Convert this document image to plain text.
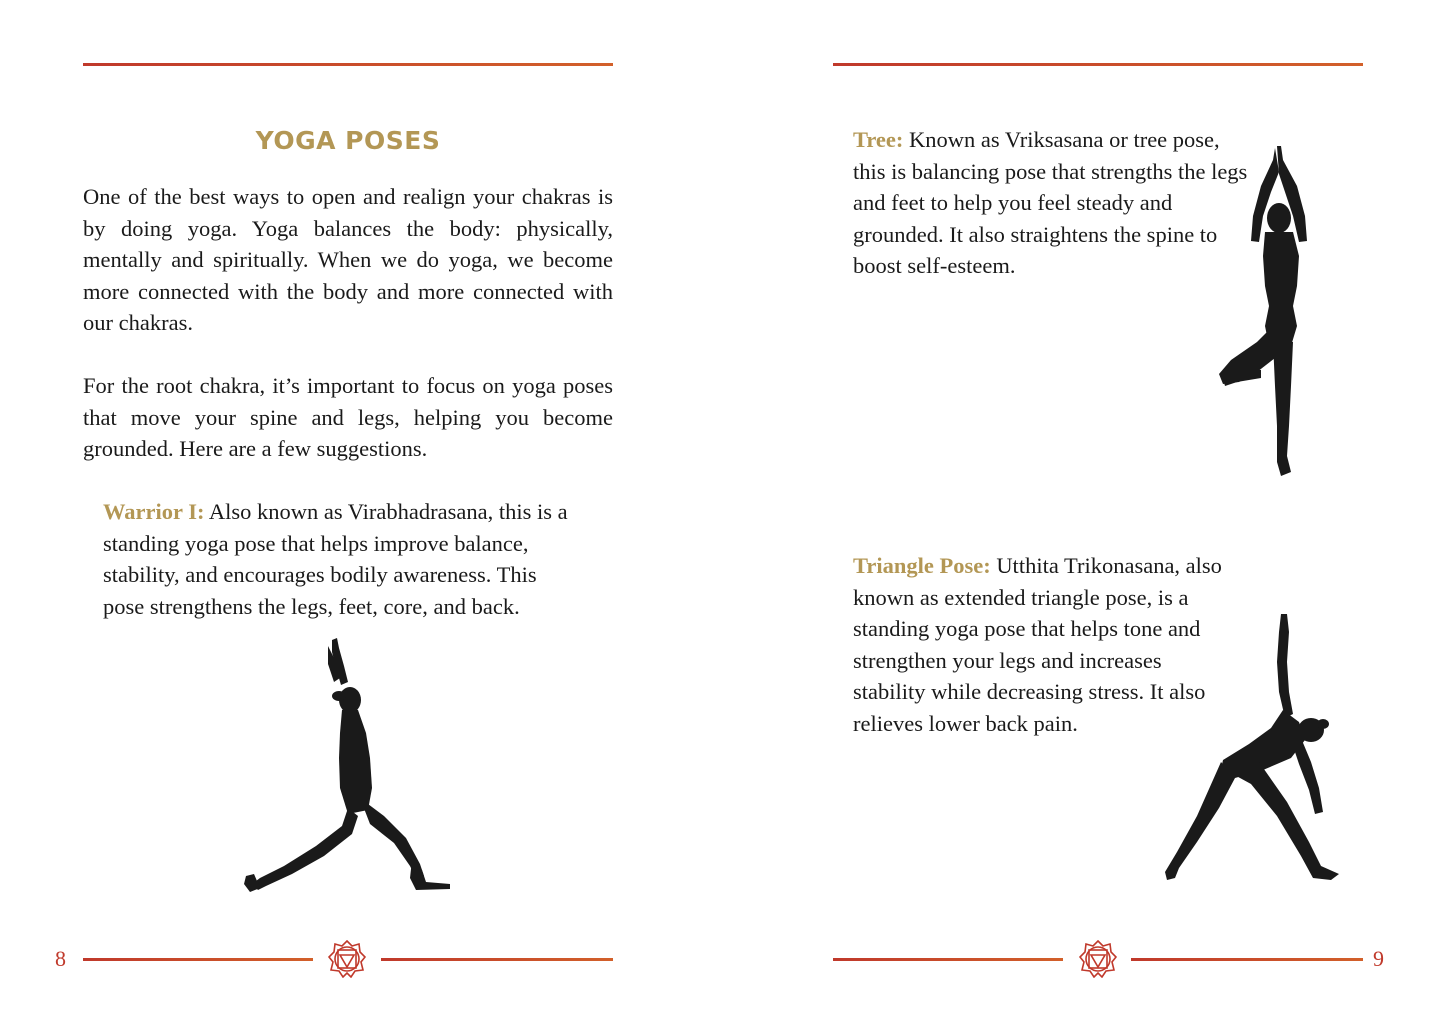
YOGA POSES

One of the best ways to open and realign your chakras is by doing yoga. Yoga balances the body: physically, mentally and spiritually. When we do yoga, we become more connected with the body and more connected with our chakras.

For the root chakra, it’s important to focus on yoga poses that move your spine and legs, helping you become grounded. Here are a few suggestions.

Warrior I: Also known as Virabhadrasana, this is a standing yoga pose that helps improve balance, stability, and encourages bodily awareness. This pose strengthens the legs, feet, core, and back.

8

Tree: Known as Vriksasana or tree pose, this is balancing pose that strengths the legs and feet to help you feel steady and grounded. It also straightens the spine to boost self-esteem.

Triangle Pose: Utthita Trikonasana, also known as extended triangle pose, is a standing yoga pose that helps tone and strengthen your legs and increases stability while decreasing stress. It also relieves lower back pain.

9
